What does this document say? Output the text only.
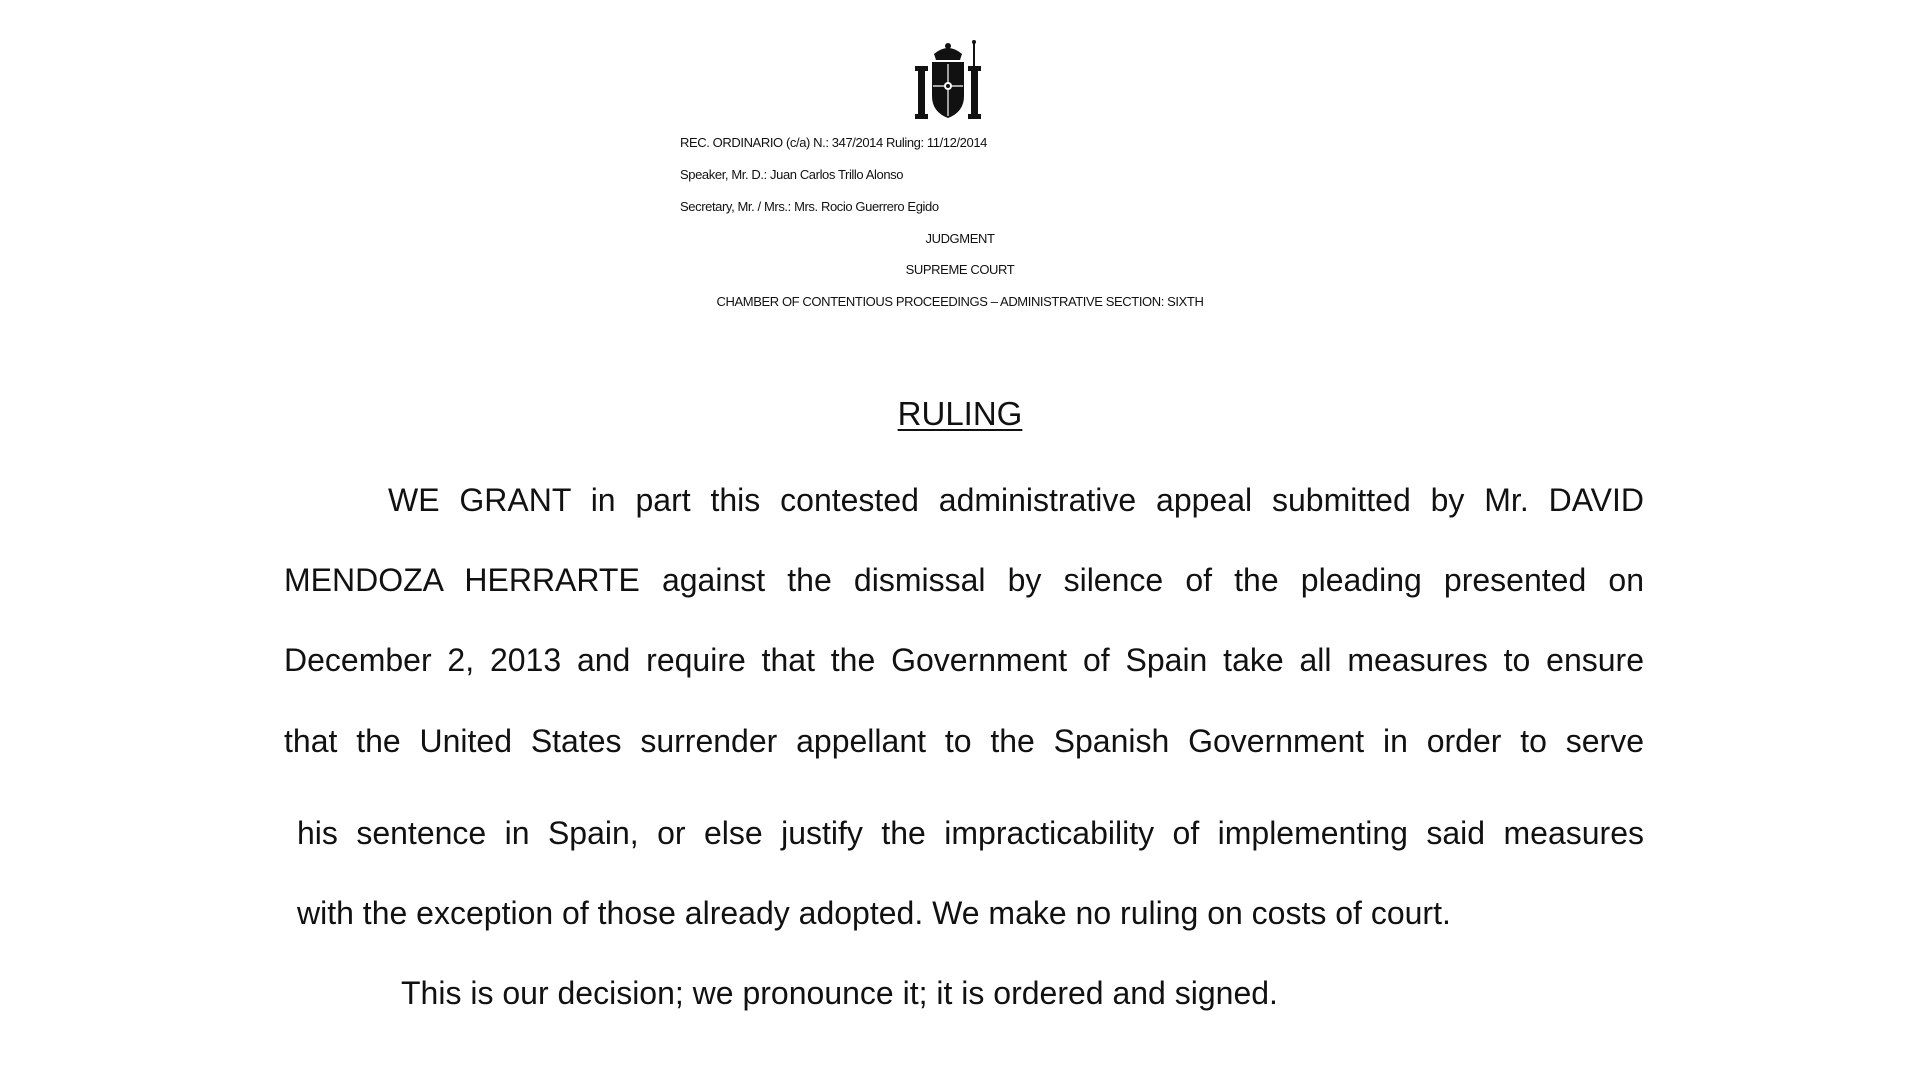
REC. ORDINARIO (c/a) N.: 347/2014 Ruling: 11/12/2014
Speaker, Mr. D.: Juan Carlos Trillo Alonso
Secretary, Mr. / Mrs.: Mrs. Rocio Guerrero Egido
JUDGMENT
SUPREME COURT
CHAMBER OF CONTENTIOUS PROCEEDINGS – ADMINISTRATIVE SECTION: SIXTH
RULING
WE GRANT in part this contested administrative appeal submitted by Mr. DAVID
MENDOZA HERRARTE against the dismissal by silence of the pleading presented on
December 2, 2013 and require that the Government of Spain take all measures to ensure
that the United States surrender appellant to the Spanish Government in order to serve
his sentence in Spain, or else justify the impracticability of implementing said measures
with the exception of those already adopted. We make no ruling on costs of court.
This is our decision; we pronounce it; it is ordered and signed.
